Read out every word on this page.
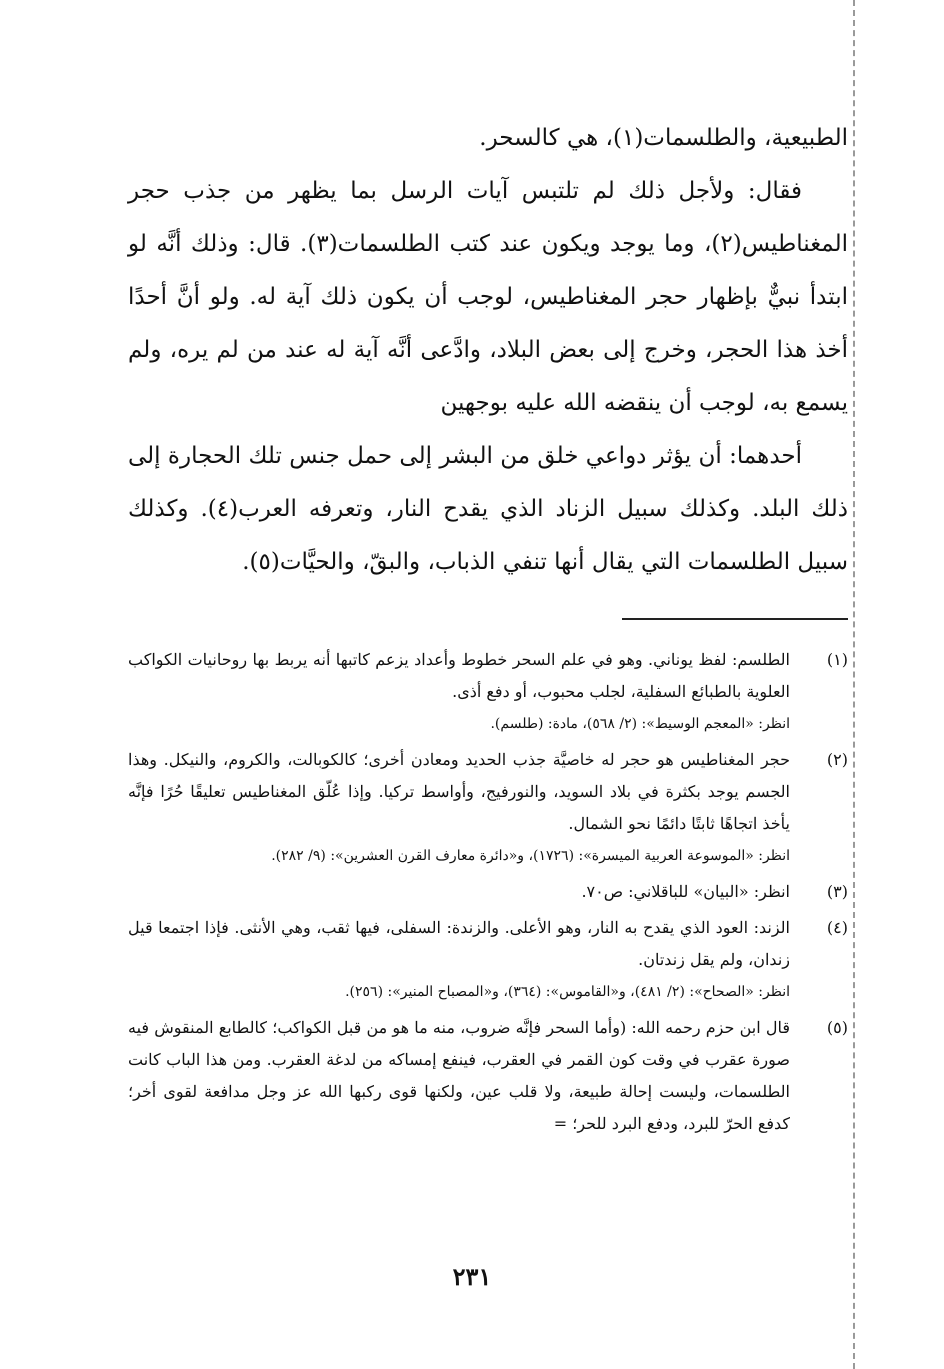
الطبيعية، والطلسمات(١)، هي كالسحر.

فقال: ولأجل ذلك لم تلتبس آيات الرسل بما يظهر من جذب حجر المغناطيس(٢)، وما يوجد ويكون عند كتب الطلسمات(٣). قال: وذلك أنَّه لو ابتدأ نبيٌّ بإظهار حجر المغناطيس، لوجب أن يكون ذلك آية له. ولو أنَّ أحدًا أخذ هذا الحجر، وخرج إلى بعض البلاد، وادَّعى أنَّه آية له عند من لم يره، ولم يسمع به، لوجب أن ينقضه الله عليه بوجهين

أحدهما: أن يؤثر دواعي خلق من البشر إلى حمل جنس تلك الحجارة إلى ذلك البلد. وكذلك سبيل الزناد الذي يقدح النار، وتعرفه العرب(٤). وكذلك سبيل الطلسمات التي يقال أنها تنفي الذباب، والبقّ، والحيَّات(٥).

(١)

الطلسم: لفظ يوناني. وهو في علم السحر خطوط وأعداد يزعم كاتبها أنه يربط بها روحانيات الكواكب العلوية بالطبائع السفلية، لجلب محبوب، أو دفع أذى.

انظر: «المعجم الوسيط»: (٢/ ٥٦٨)، مادة: (طلسم).

(٢)

حجر المغناطيس هو حجر له خاصيَّة جذب الحديد ومعادن أخرى؛ كالكوبالت، والكروم، والنيكل. وهذا الجسم يوجد بكثرة في بلاد السويد، والنورفيج، وأواسط تركيا. وإذا عُلّق المغناطيس تعليقًا حُرًا فإنَّه يأخذ اتجاهًا ثابتًا دائمًا نحو الشمال.

انظر: «الموسوعة العربية الميسرة»: (١٧٢٦)، و«دائرة معارف القرن العشرين»: (٩/ ٢٨٢).

(٣)

انظر: «البيان» للباقلاني: ص٧٠.

(٤)

الزند: العود الذي يقدح به النار، وهو الأعلى. والزندة: السفلى، فيها ثقب، وهي الأنثى. فإذا اجتمعا قيل زندان، ولم يقل زندتان.

انظر: «الصحاح»: (٢/ ٤٨١)، و«القاموس»: (٣٦٤)، و«المصباح المنير»: (٢٥٦).

(٥)

قال ابن حزم رحمه الله: (وأما السحر فإنَّه ضروب، منه ما هو من قبل الكواكب؛ كالطابع المنقوش فيه صورة عقرب في وقت كون القمر في العقرب، فينفع إمساكه من لدغة العقرب. ومن هذا الباب كانت الطلسمات، وليست إحالة طبيعة، ولا قلب عين، ولكنها قوى ركبها الله عز وجل مدافعة لقوى أخر؛ كدفع الحرّ للبرد، ودفع البرد للحر؛ =

٢٣١
